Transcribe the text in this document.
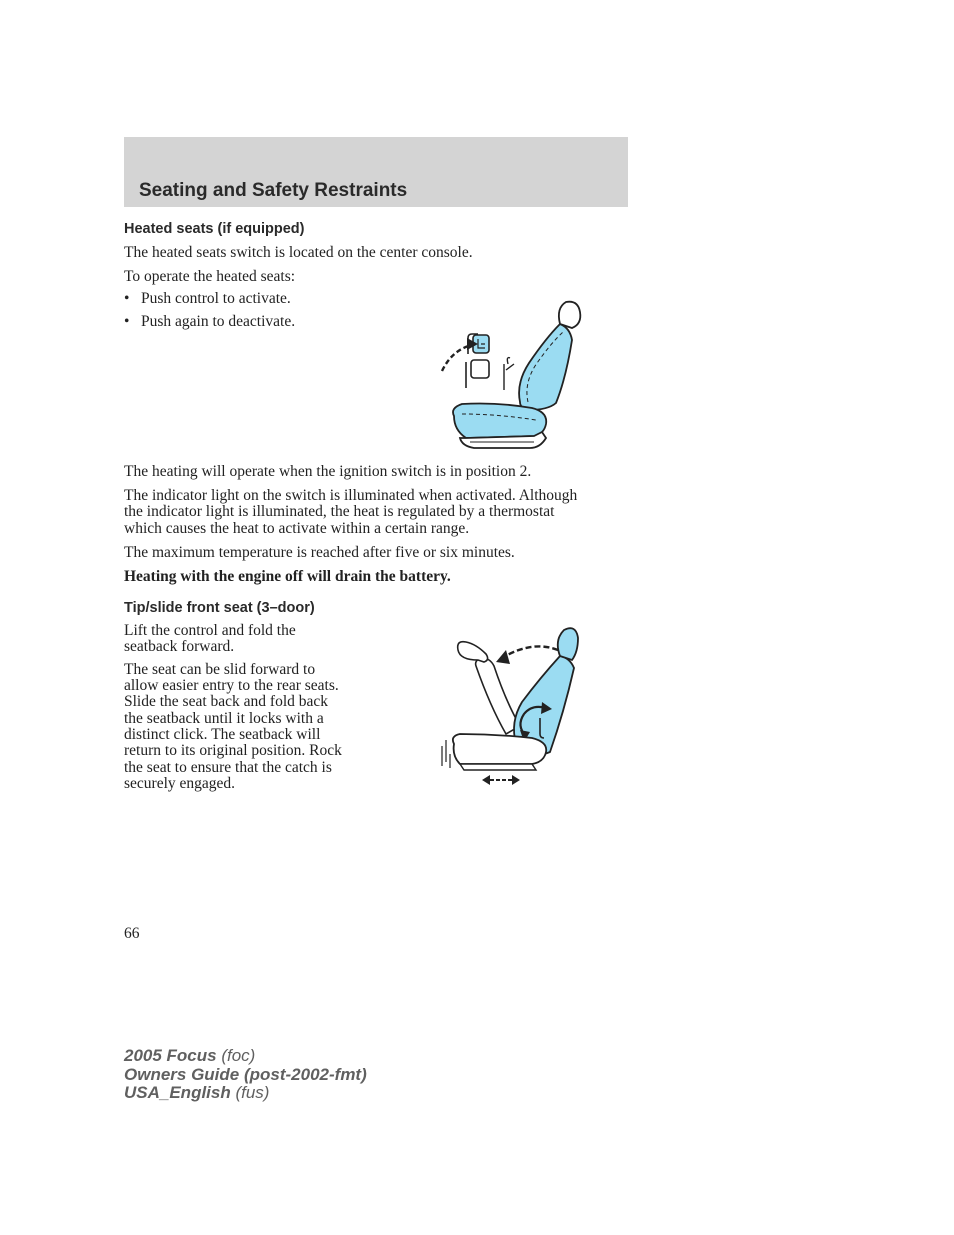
Seating and Safety Restraints
Heated seats (if equipped)

The heated seats switch is located on the center console.

To operate the heated seats:

• Push control to activate.
• Push again to deactivate.

The heating will operate when the ignition switch is in position 2.

The indicator light on the switch is illuminated when activated. Although

the indicator light is illuminated, the heat is regulated by a thermostat

which causes the heat to activate within a certain range.

The maximum temperature is reached after five or six minutes.

Heating with the engine off will drain the battery.

Tip/slide front seat (3–door)

Lift the control and fold the

seatback forward.

The seat can be slid forward to

allow easier entry to the rear seats.

Slide the seat back and fold back

the seatback until it locks with a

distinct click. The seatback will

return to its original position. Rock

the seat to ensure that the catch is

securely engaged.

66
2005 Focus (foc)
Owners Guide (post-2002-fmt)
USA_English (fus)
